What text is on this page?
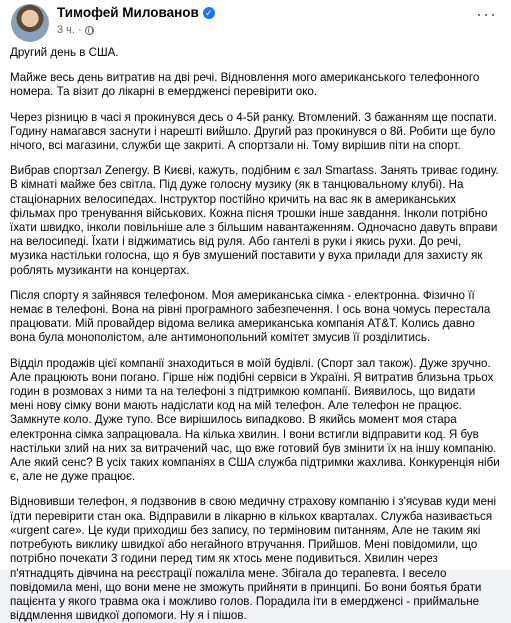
Тимофей Милованов ✓
3 ч. ·
···

Другий день в США.

Майже весь день витратив на дві речі. Відновлення мого американського телефонного номера. Та візит до лікарні в емердженсі перевірити око.

Через різницю в часі я прокинувся десь о 4-5й ранку. Втомлений. З бажанням ще поспати. Годину намагався заснути і нарешті вийшло. Другий раз прокинувся о 8й. Робити ще було нічого, всі магазини, служби ще закриті. А спортзали ні. Тому вирішив піти на спорт.

Вибрав спортзал Zenergy. В Києві, кажуть, подібним є зал Smartass. Занять триває годину. В кімнаті майже без світла. Під дуже голосну музику (як в танцювальному клубі). На стаціонарних велосипедах. Інструктор постійно кричить на вас як в американських фільмах про тренування військових. Кожна пісня трошки інше завдання. Інколи потрібно їхати швидко, інколи повільніше але з більшим навантаженням. Одночасно давуть вправи на велосипеді. Їхати і віджиматись від руля. Або гантелі в руки і якись рухи. До речі, музика настільки голосна, що я був змушений поставити у вуха прилади для захисту як роблять музиканти на концертах.

Після спорту я зайнявся телефоном. Моя американська сімка - електронна. Фізично її немає в телефоні. Вона на рівні програмного забезпечення. І ось вона чомусь перестала працювати. Мій провайдер відома велика американська компанія AT&T. Колись давно вона була монополістом, але антимонопольний комітет змусив її розділитись.

Відділ продажів цієї компанії знаходиться в моїй будівлі. (Спорт зал також). Дуже зручно. Але працюють вони погано. Гірше ніж подібні сервіси в Україні. Я витратив близьна трьох годин в розмовах з ними та на телефоні з підтримкою компанії. Виявилось, що видати мені нову сімку вони мають надіслати код на мій телефон. Але телефон не працює. Замкнуте коло. Дуже тупо. Все вирішилось випадково. В якийсь момент моя стара електронна сімка запрацювала. На кілька хвилин. І вони встигли відправити код. Я був настільки злий на них за витрачений час, що вже готовий був змінити їх на іншу компанію. Але який сенс? В усіх таких компаніях в США служба підтримки жахлива. Конкуренція ніби є, але не дуже працює.

Відновивши телефон, я подзвонив в свою медичну страхову компанію і з'ясував куди мені їдти перевірити стан ока. Відправили в лікарню в кількох кварталах. Служба називається «urgent care». Це куди приходиш без запису, по терміновим питанням, Але не таким які потребують виклику швидкої або негайного втручання. Прийшов. Мені повідомили, що потрібно почекати 3 години перед тим як хтось мене подивиться. Хвилин через п'ятнадцять дівчина на реєстрації пожаліла мене. Збігала до терапевта. І весело повідомила мені, що вони мене не зможуть прийняти в принципі. Бо вони боятья брати пацієнта у якого травма ока і можливо голов. Порадила іти в емердженсі - приймальне віддмлення швидкої допомоги. Ну я і пішов.
